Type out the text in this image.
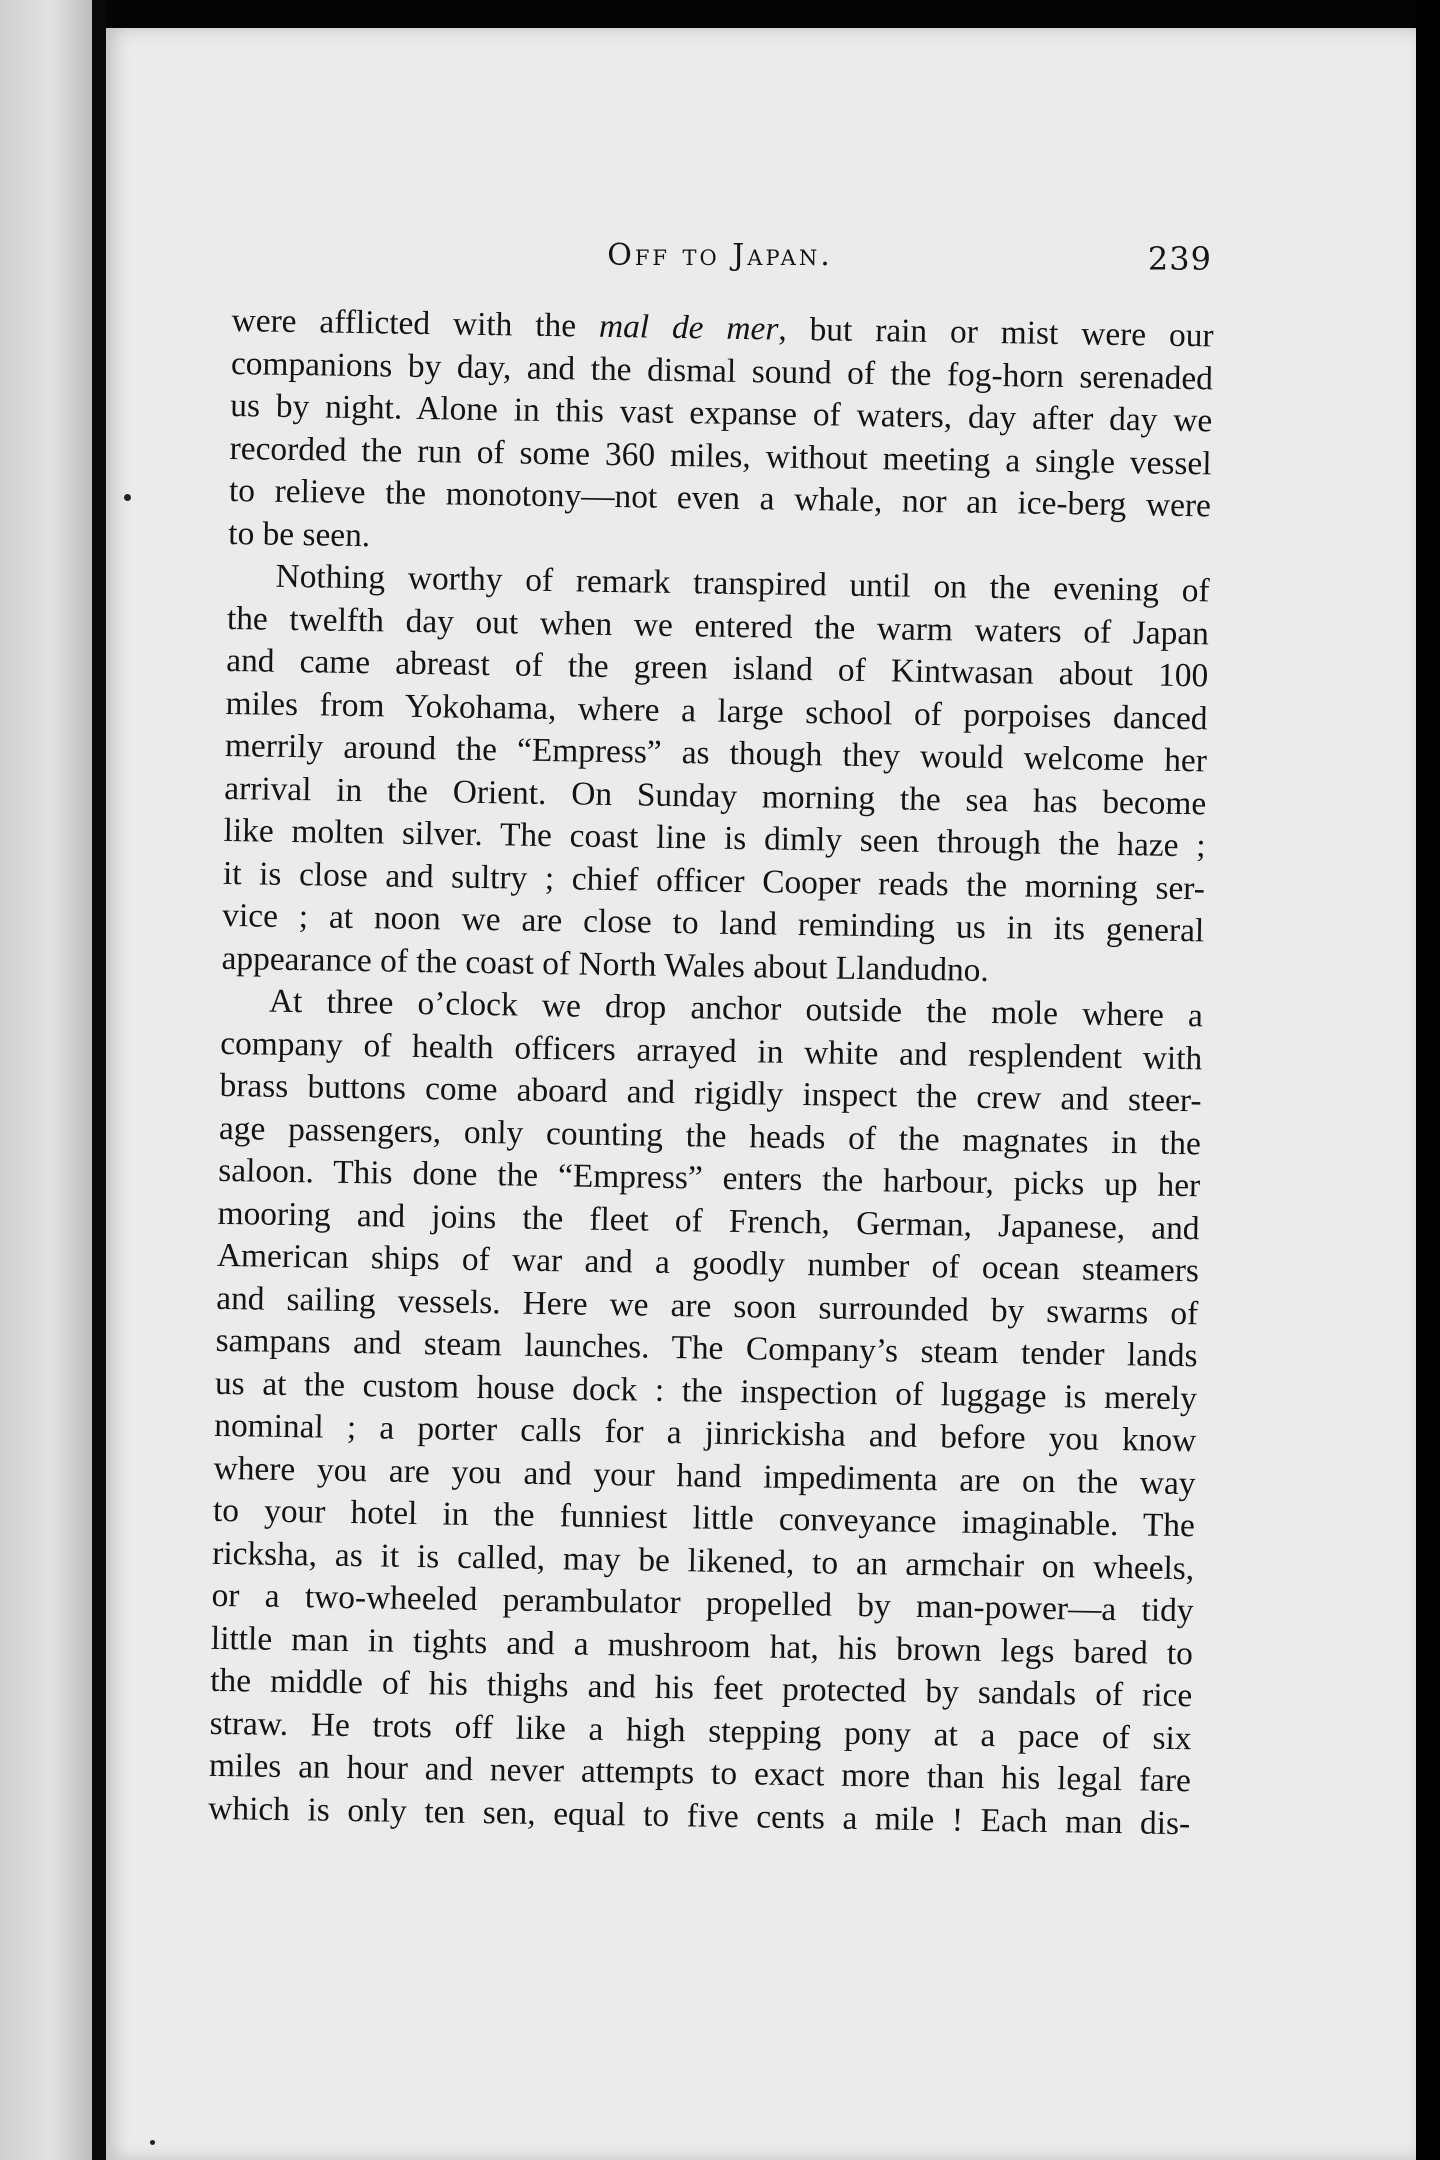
Off to Japan.	239
were afflicted with the mal de mer, but rain or mist were our
companions by day, and the dismal sound of the fog-horn serenaded
us by night. Alone in this vast expanse of waters, day after day we
recorded the run of some 360 miles, without meeting a single vessel
to relieve the monotony—not even a whale, nor an ice-berg were
to be seen.
Nothing worthy of remark transpired until on the evening of
the twelfth day out when we entered the warm waters of Japan
and came abreast of the green island of Kintwasan about 100
miles from Yokohama, where a large school of porpoises danced
merrily around the “Empress” as though they would welcome her
arrival in the Orient. On Sunday morning the sea has become
like molten silver. The coast line is dimly seen through the haze ;
it is close and sultry ; chief officer Cooper reads the morning ser-
vice ; at noon we are close to land reminding us in its general
appearance of the coast of North Wales about Llandudno.
At three o’clock we drop anchor outside the mole where a
company of health officers arrayed in white and resplendent with
brass buttons come aboard and rigidly inspect the crew and steer-
age passengers, only counting the heads of the magnates in the
saloon. This done the “Empress” enters the harbour, picks up her
mooring and joins the fleet of French, German, Japanese, and
American ships of war and a goodly number of ocean steamers
and sailing vessels. Here we are soon surrounded by swarms of
sampans and steam launches. The Company’s steam tender lands
us at the custom house dock : the inspection of luggage is merely
nominal ; a porter calls for a jinrickisha and before you know
where you are you and your hand impedimenta are on the way
to your hotel in the funniest little conveyance imaginable. The
ricksha, as it is called, may be likened, to an armchair on wheels,
or a two-wheeled perambulator propelled by man-power—a tidy
little man in tights and a mushroom hat, his brown legs bared to
the middle of his thighs and his feet protected by sandals of rice
straw. He trots off like a high stepping pony at a pace of six
miles an hour and never attempts to exact more than his legal fare
which is only ten sen, equal to five cents a mile ! Each man dis-
